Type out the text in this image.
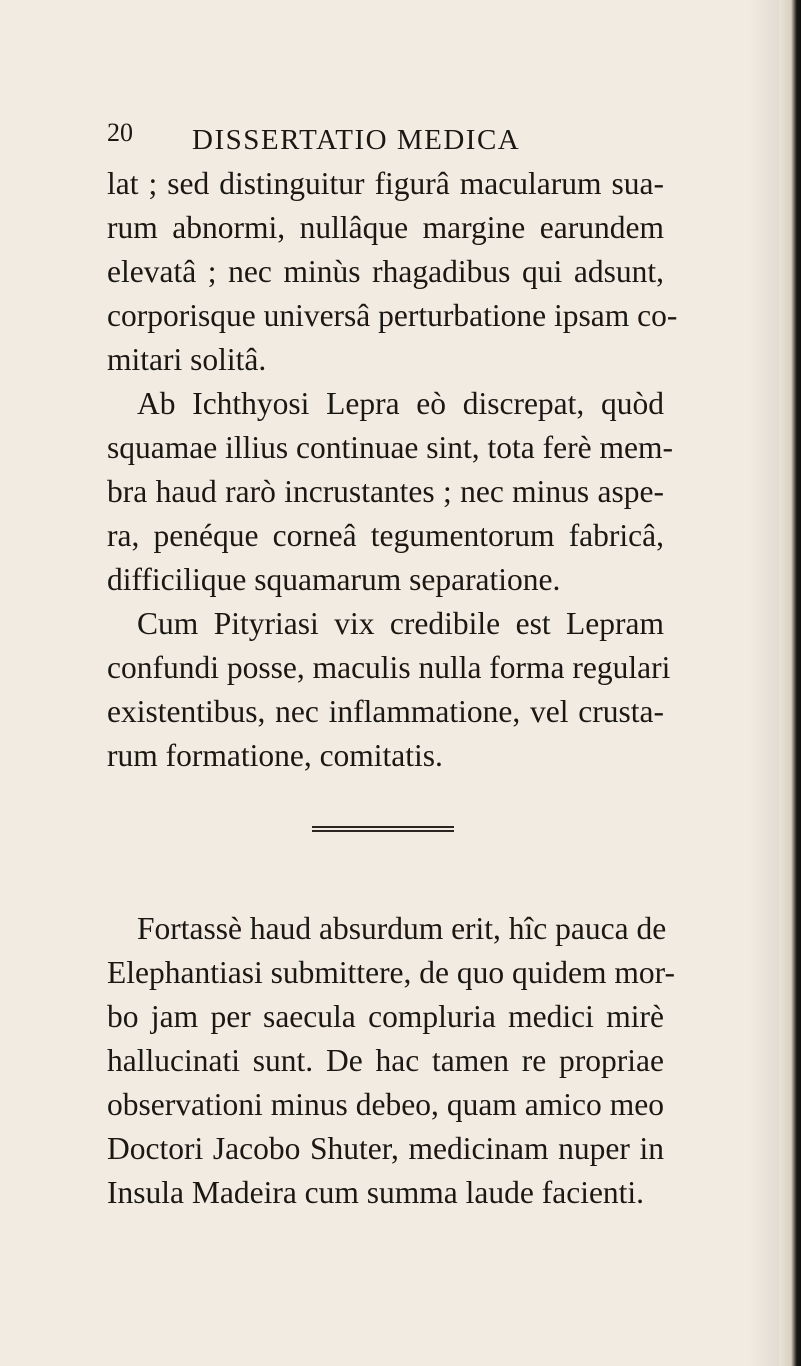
20 DISSERTATIO MEDICA
lat ; sed distinguitur figurâ macularum sua-
rum abnormi, nullâque margine earundem
elevatâ ; nec minùs rhagadibus qui adsunt,
corporisque universâ perturbatione ipsam co-
mitari solitâ.
Ab Ichthyosi Lepra eò discrepat, quòd
squamae illius continuae sint, tota ferè mem-
bra haud rarò incrustantes ; nec minus aspe-
ra, penéque corneâ tegumentorum fabricâ,
difficilique squamarum separatione.
Cum Pityriasi vix credibile est Lepram
confundi posse, maculis nulla forma regulari
existentibus, nec inflammatione, vel crusta-
rum formatione, comitatis.
Fortassè haud absurdum erit, hîc pauca de
Elephantiasi submittere, de quo quidem mor-
bo jam per saecula compluria medici mirè
hallucinati sunt. De hac tamen re propriae
observationi minus debeo, quam amico meo
Doctori Jacobo Shuter, medicinam nuper in
Insula Madeira cum summa laude facienti.
